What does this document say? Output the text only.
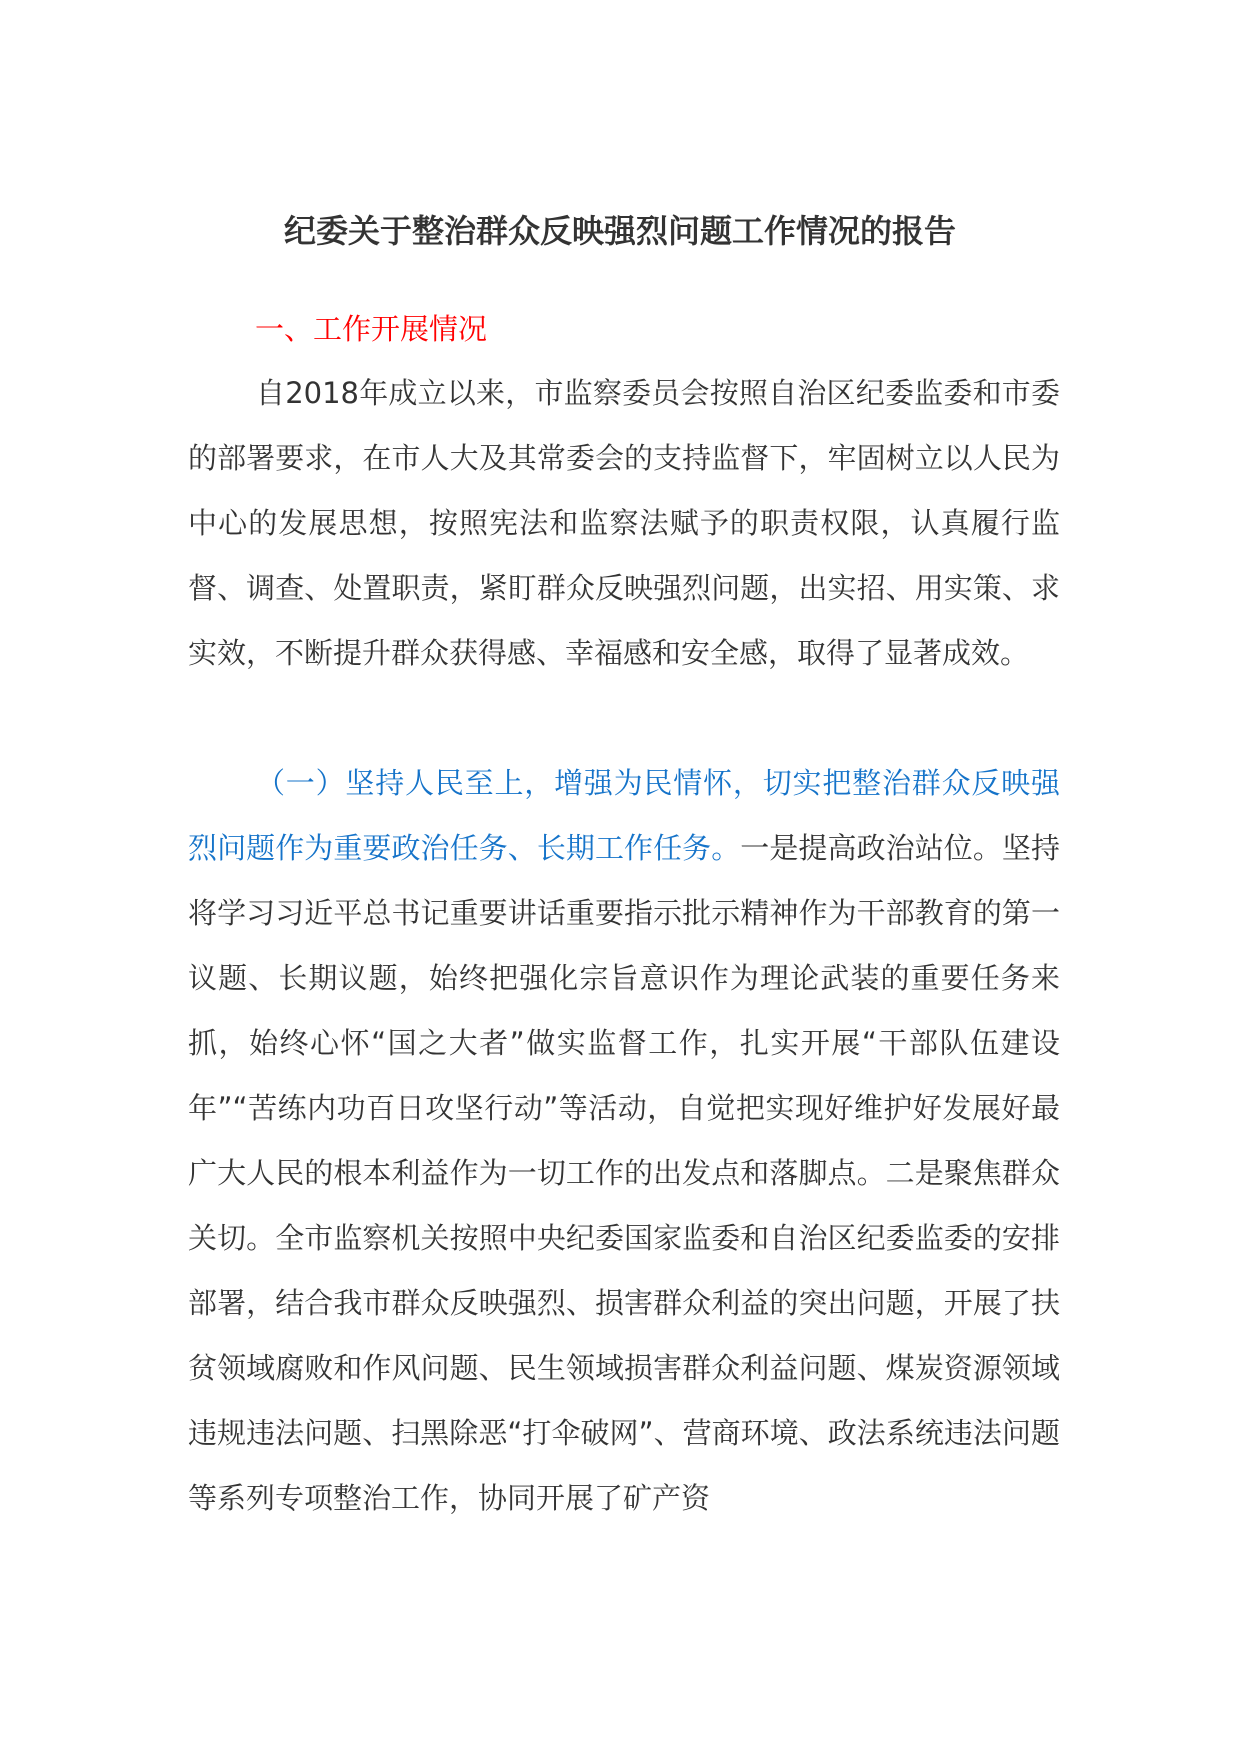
纪委关于整治群众反映强烈问题工作情况的报告
一、工作开展情况
自2018年成立以来，市监察委员会按照自治区纪委监委和市委的部署要求，在市人大及其常委会的支持监督下，牢固树立以人民为中心的发展思想，按照宪法和监察法赋予的职责权限，认真履行监督、调查、处置职责，紧盯群众反映强烈问题，出实招、用实策、求实效，不断提升群众获得感、幸福感和安全感，取得了显著成效。
（一）坚持人民至上，增强为民情怀，切实把整治群众反映强烈问题作为重要政治任务、长期工作任务。一是提高政治站位。坚持将学习习近平总书记重要讲话重要指示批示精神作为干部教育的第一议题、长期议题，始终把强化宗旨意识作为理论武装的重要任务来抓，始终心怀“国之大者”做实监督工作，扎实开展“干部队伍建设年”“苦练内功百日攻坚行动”等活动，自觉把实现好维护好发展好最广大人民的根本利益作为一切工作的出发点和落脚点。二是聚焦群众关切。全市监察机关按照中央纪委国家监委和自治区纪委监委的安排部署，结合我市群众反映强烈、损害群众利益的突出问题，开展了扶贫领域腐败和作风问题、民生领域损害群众利益问题、煤炭资源领域违规违法问题、扫黑除恶“打伞破网”、营商环境、政法系统违法问题等系列专项整治工作，协同开展了矿产资
